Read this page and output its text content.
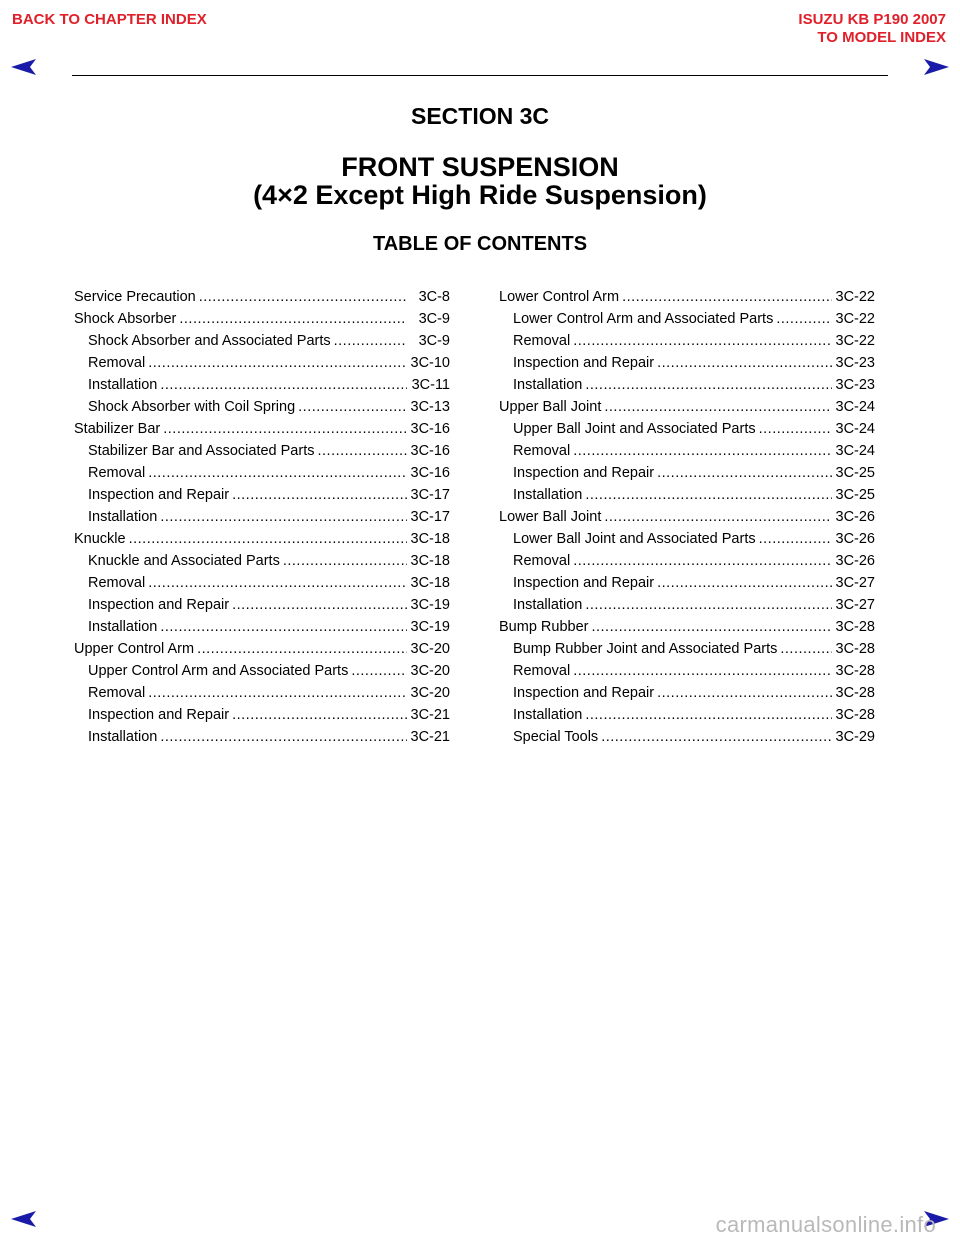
BACK TO CHAPTER INDEX	ISUZU KB P190 2007
TO MODEL INDEX
SECTION 3C
FRONT SUSPENSION
(4×2 Except High Ride Suspension)
TABLE OF CONTENTS
Service Precaution .....	3C-8
Shock Absorber .....	3C-9
Shock Absorber and Associated Parts .....	3C-9
Removal .....	3C-10
Installation .....	3C-11
Shock Absorber with Coil Spring .....	3C-13
Stabilizer Bar .....	3C-16
Stabilizer Bar and Associated Parts .....	3C-16
Removal .....	3C-16
Inspection and Repair .....	3C-17
Installation .....	3C-17
Knuckle .....	3C-18
Knuckle and Associated Parts .....	3C-18
Removal .....	3C-18
Inspection and Repair .....	3C-19
Installation .....	3C-19
Upper Control Arm .....	3C-20
Upper Control Arm and Associated Parts .....	3C-20
Removal .....	3C-20
Inspection and Repair .....	3C-21
Installation .....	3C-21
Lower Control Arm .....	3C-22
Lower Control Arm and Associated Parts .....	3C-22
Removal .....	3C-22
Inspection and Repair .....	3C-23
Installation .....	3C-23
Upper Ball Joint .....	3C-24
Upper Ball Joint and Associated Parts .....	3C-24
Removal .....	3C-24
Inspection and Repair .....	3C-25
Installation .....	3C-25
Lower Ball Joint .....	3C-26
Lower Ball Joint and Associated Parts .....	3C-26
Removal .....	3C-26
Inspection and Repair .....	3C-27
Installation .....	3C-27
Bump Rubber .....	3C-28
Bump Rubber Joint and Associated Parts .....	3C-28
Removal .....	3C-28
Inspection and Repair .....	3C-28
Installation .....	3C-28
Special Tools .....	3C-29
carmanualsonline.info
